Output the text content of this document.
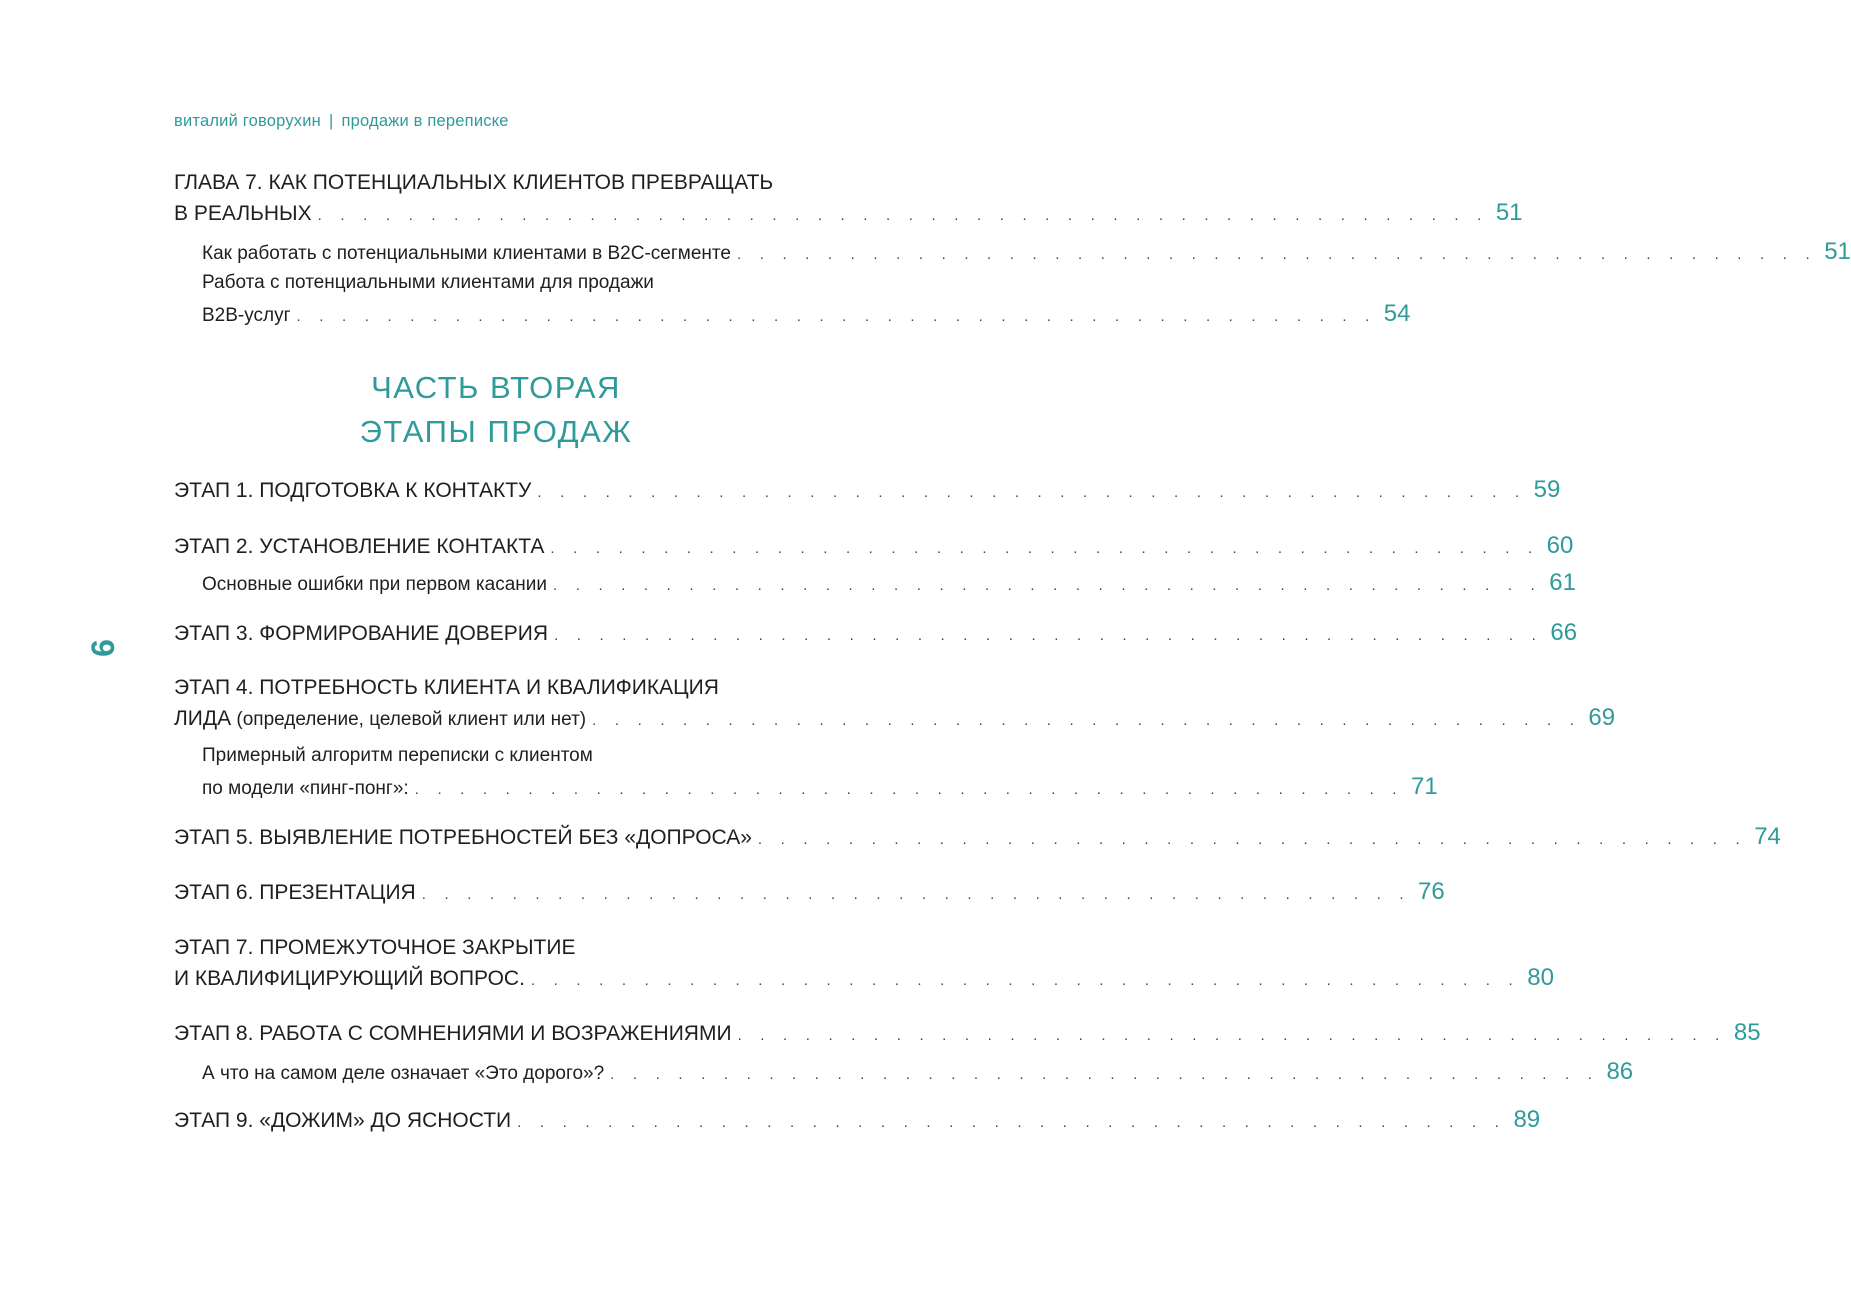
виталий говорухин | продажи в переписке
6
ГЛАВА 7. КАК ПОТЕНЦИАЛЬНЫХ КЛИЕНТОВ ПРЕВРАЩАТЬ
В РЕАЛЬНЫХ . . . . . . . . . . . . . . . . . . . . . . . . . . . . . . . . . . . . . . . . . . . . . . . . . . . . 51
Как работать с потенциальными клиентами в B2C-сегменте . . . . . . . . . . . . . . . . . . . . . . . . . . . . . . . . . . . . . . . . . . . . . . . . 51
Работа с потенциальными клиентами для продажи
B2B-услуг . . . . . . . . . . . . . . . . . . . . . . . . . . . . . . . . . . . . . . . . . . . . . . . . 54
ЧАСТЬ ВТОРАЯ
ЭТАПЫ ПРОДАЖ
ЭТАП 1. ПОДГОТОВКА К КОНТАКТУ . . . . . . . . . . . . . . . . . . . . . . . . . . . . . . . . . . . . . . . . . . . . 59
ЭТАП 2. УСТАНОВЛЕНИЕ КОНТАКТА . . . . . . . . . . . . . . . . . . . . . . . . . . . . . . . . . . . . . . . . . . . . 60
Основные ошибки при первом касании . . . . . . . . . . . . . . . . . . . . . . . . . . . . . . . . . . . . . . . . . . . . 61
ЭТАП 3. ФОРМИРОВАНИЕ ДОВЕРИЯ . . . . . . . . . . . . . . . . . . . . . . . . . . . . . . . . . . . . . . . . . . . . 66
ЭТАП 4. ПОТРЕБНОСТЬ КЛИЕНТА И КВАЛИФИКАЦИЯ
ЛИДА (определение, целевой клиент или нет) . . . . . . . . . . . . . . . . . . . . . . . . . . . . . . . . . . . . . . . . . . . . 69
Примерный алгоритм переписки с клиентом
по модели «пинг-понг»: . . . . . . . . . . . . . . . . . . . . . . . . . . . . . . . . . . . . . . . . . . . . 71
ЭТАП 5. ВЫЯВЛЕНИЕ ПОТРЕБНОСТЕЙ БЕЗ «ДОПРОСА» . . . . . . . . . . . . . . . . . . . . . . . . . . . . . . . . . . . . . . . . . . . . 74
ЭТАП 6. ПРЕЗЕНТАЦИЯ . . . . . . . . . . . . . . . . . . . . . . . . . . . . . . . . . . . . . . . . . . . . 76
ЭТАП 7. ПРОМЕЖУТОЧНОЕ ЗАКРЫТИЕ
И КВАЛИФИЦИРУЮЩИЙ ВОПРОС. . . . . . . . . . . . . . . . . . . . . . . . . . . . . . . . . . . . . . . . . . . . . 80
ЭТАП 8. РАБОТА С СОМНЕНИЯМИ И ВОЗРАЖЕНИЯМИ . . . . . . . . . . . . . . . . . . . . . . . . . . . . . . . . . . . . . . . . . . . . 85
А что на самом деле означает «Это дорого»? . . . . . . . . . . . . . . . . . . . . . . . . . . . . . . . . . . . . . . . . . . . . 86
ЭТАП 9. «ДОЖИМ» ДО ЯСНОСТИ . . . . . . . . . . . . . . . . . . . . . . . . . . . . . . . . . . . . . . . . . . . . 89
